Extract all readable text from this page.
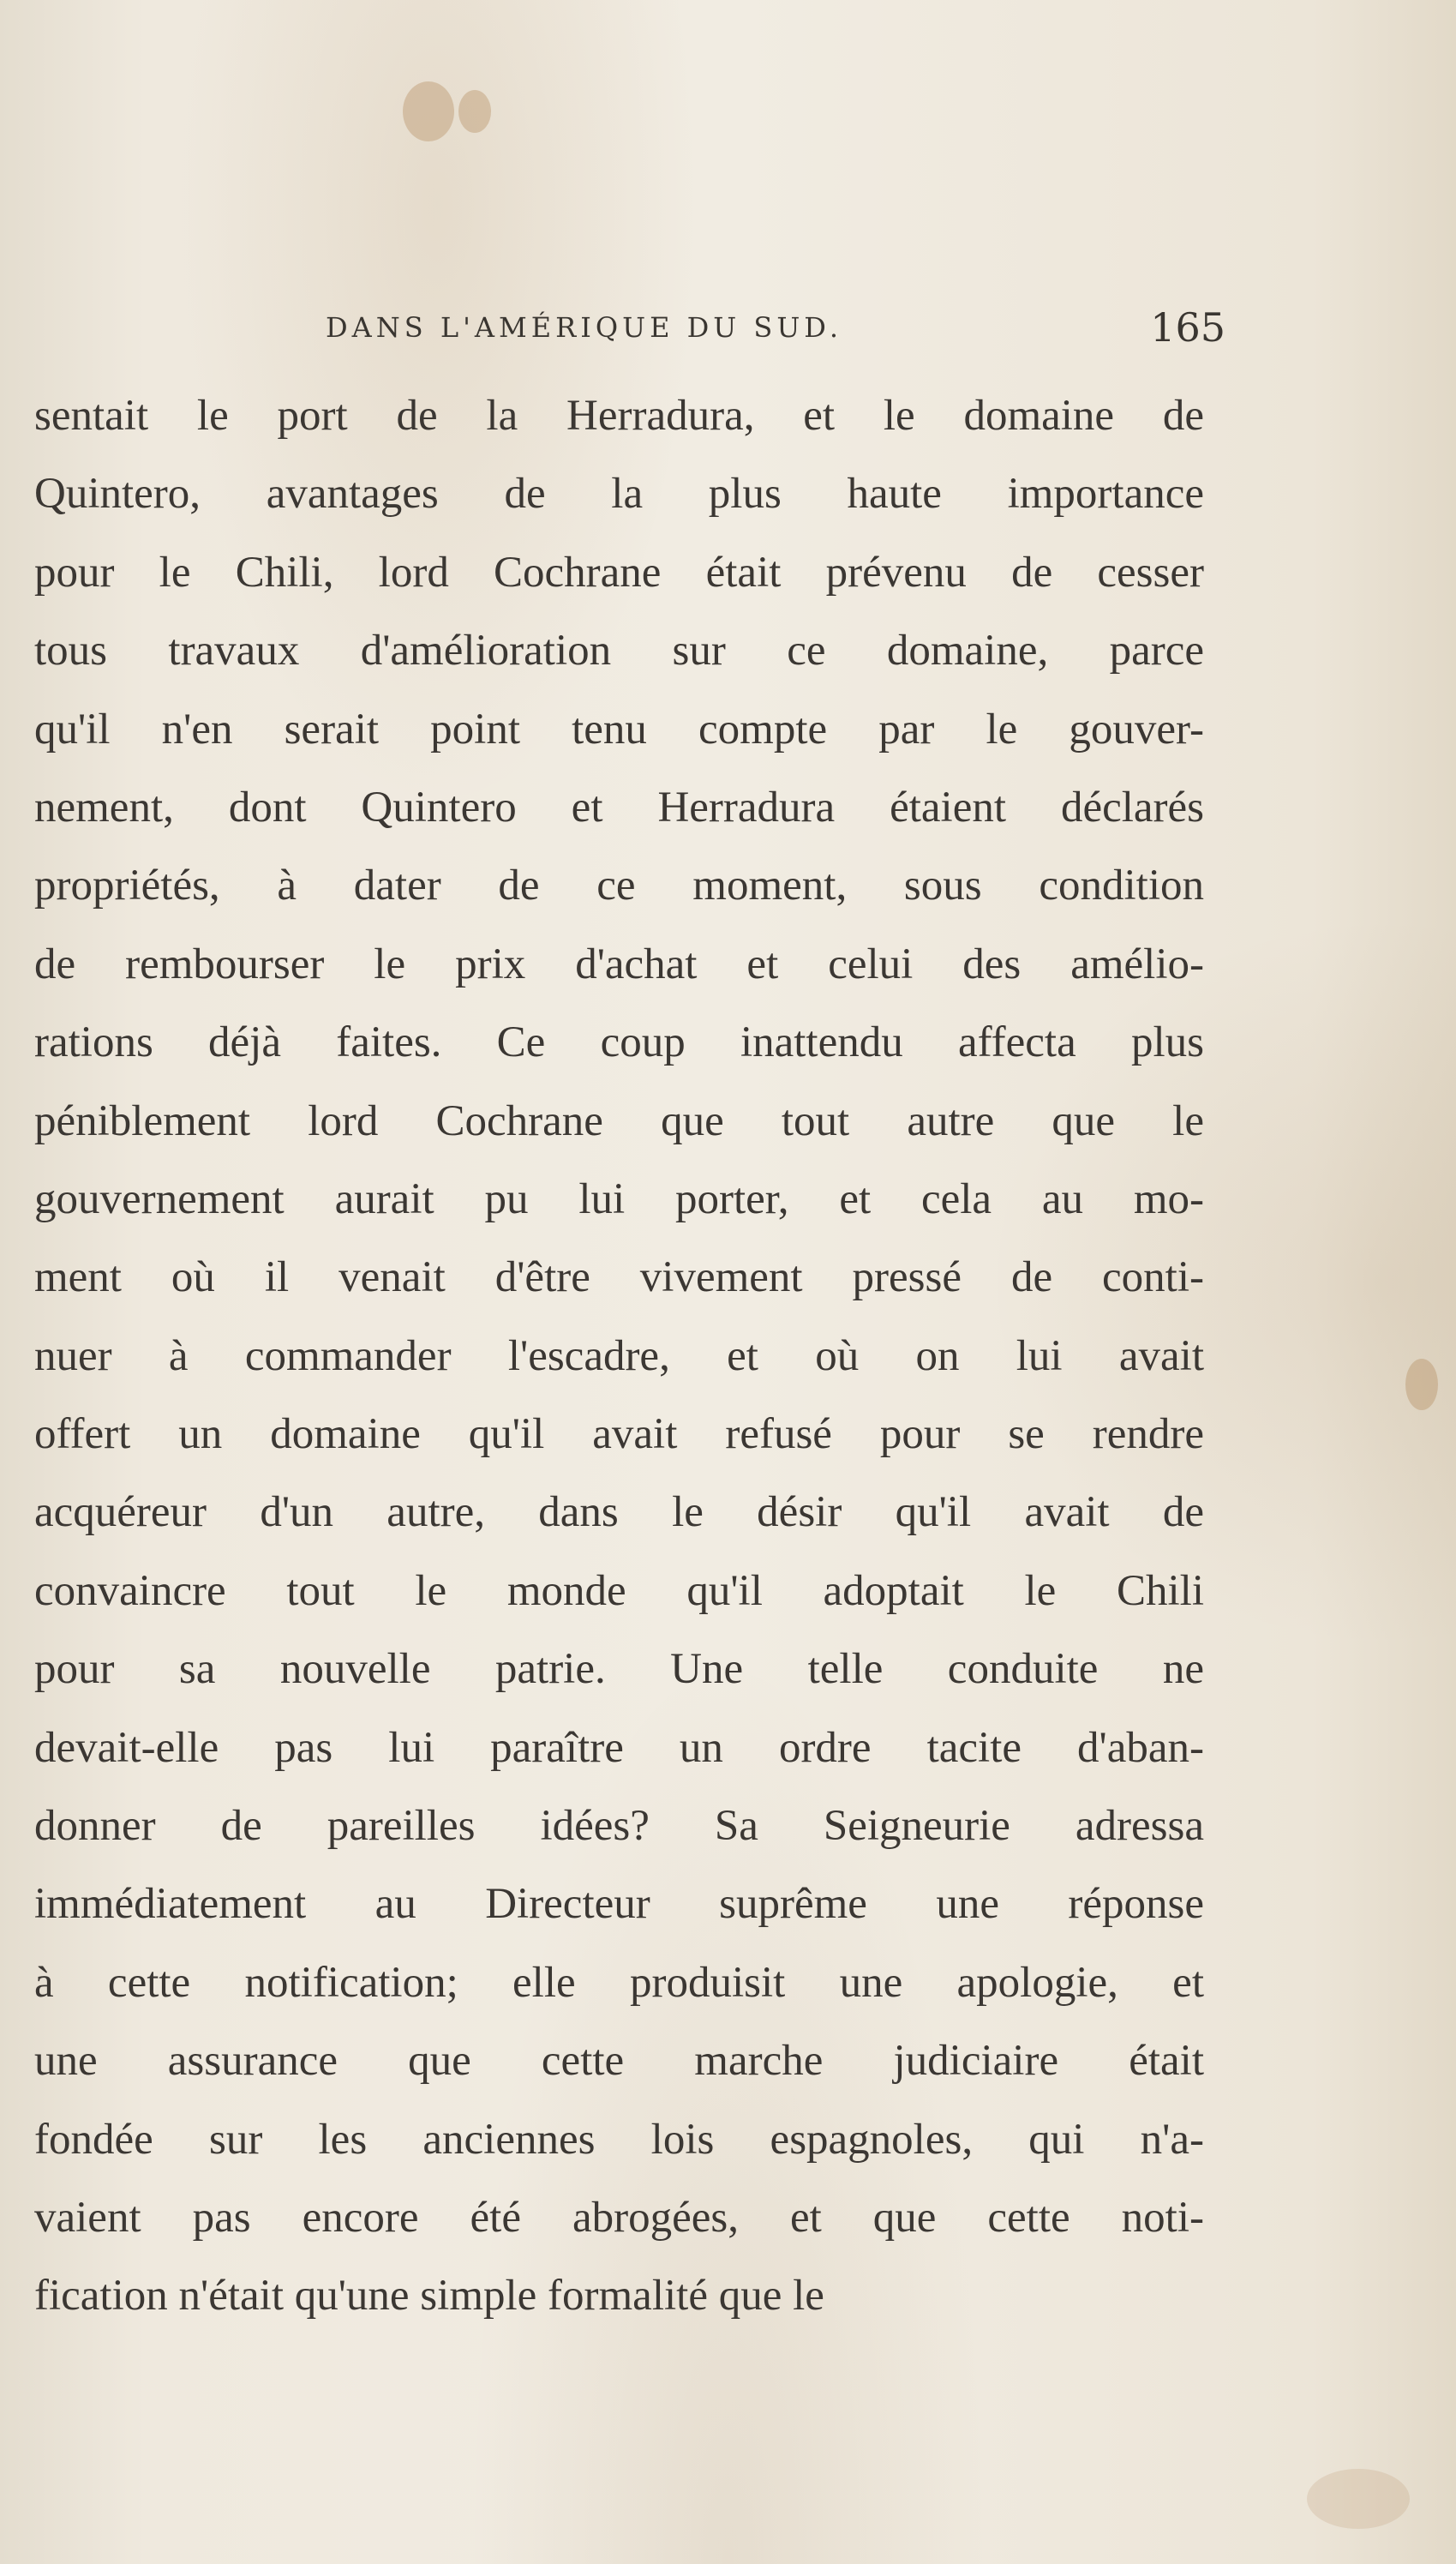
DANS L'AMÉRIQUE DU SUD.	165
sentait le port de la Herradura, et le domaine de
Quintero, avantages de la plus haute importance
pour le Chili, lord Cochrane était prévenu de cesser
tous travaux d'amélioration sur ce domaine, parce
qu'il n'en serait point tenu compte par le gouver-
nement, dont Quintero et Herradura étaient déclarés
propriétés, à dater de ce moment, sous condition
de rembourser le prix d'achat et celui des amélio-
rations déjà faites. Ce coup inattendu affecta plus
péniblement lord Cochrane que tout autre que le
gouvernement aurait pu lui porter, et cela au mo-
ment où il venait d'être vivement pressé de conti-
nuer à commander l'escadre, et où on lui avait
offert un domaine qu'il avait refusé pour se rendre
acquéreur d'un autre, dans le désir qu'il avait de
convaincre tout le monde qu'il adoptait le Chili
pour sa nouvelle patrie. Une telle conduite ne
devait-elle pas lui paraître un ordre tacite d'aban-
donner de pareilles idées? Sa Seigneurie adressa
immédiatement au Directeur suprême une réponse
à cette notification; elle produisit une apologie, et
une assurance que cette marche judiciaire était
fondée sur les anciennes lois espagnoles, qui n'a-
vaient pas encore été abrogées, et que cette noti-
fication n'était qu'une simple formalité que le
